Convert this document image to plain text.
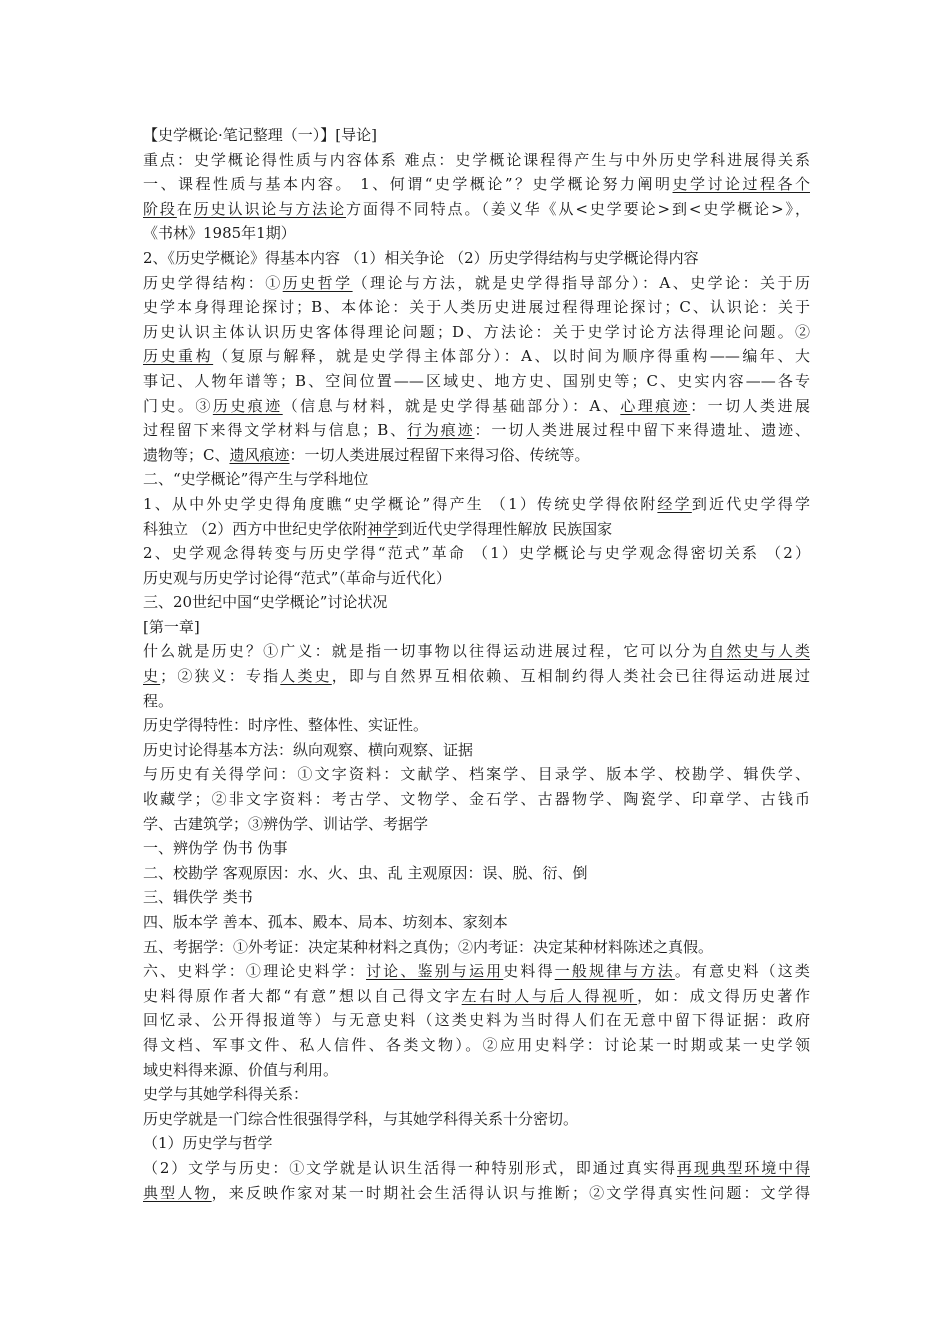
【史学概论·笔记整理（一）】[导论]
重点：史学概论得性质与内容体系 难点：史学概论课程得产生与中外历史学科进展得关系
一、课程性质与基本内容。 1、何谓“史学概论”？史学概论努力阐明史学讨论过程各个
阶段在历史认识论与方法论方面得不同特点。（姜义华《从<史学要论>到<史学概论>》，
《书林》1985年1期）
2、《历史学概论》得基本内容 （1）相关争论 （2）历史学得结构与史学概论得内容
历史学得结构：①历史哲学（理论与方法，就是史学得指导部分）：A、史学论：关于历
史学本身得理论探讨；B、本体论：关于人类历史进展过程得理论探讨；C、认识论：关于
历史认识主体认识历史客体得理论问题；D、方法论：关于史学讨论方法得理论问题。②
历史重构（复原与解释，就是史学得主体部分）：A、以时间为顺序得重构——编年、大
事记、人物年谱等；B、空间位置——区域史、地方史、国别史等；C、史实内容——各专
门史。③历史痕迹（信息与材料，就是史学得基础部分）：A、心理痕迹：一切人类进展
过程留下来得文学材料与信息；B、行为痕迹：一切人类进展过程中留下来得遗址、遗迹、
遗物等；C、遗风痕迹：一切人类进展过程留下来得习俗、传统等。
二、“史学概论”得产生与学科地位
1、从中外史学史得角度瞧“史学概论”得产生 （1）传统史学得依附经学到近代史学得学
科独立 （2）西方中世纪史学依附神学到近代史学得理性解放 民族国家
2、史学观念得转变与历史学得“范式”革命 （1）史学概论与史学观念得密切关系 （2）
历史观与历史学讨论得“范式”（革命与近代化）
三、20世纪中国“史学概论”讨论状况
[第一章]
什么就是历史？①广义：就是指一切事物以往得运动进展过程，它可以分为自然史与人类
史；②狭义：专指人类史，即与自然界互相依赖、互相制约得人类社会已往得运动进展过
程。
历史学得特性：时序性、整体性、实证性。
历史讨论得基本方法：纵向观察、横向观察、证据
与历史有关得学问：①文字资料：文献学、档案学、目录学、版本学、校勘学、辑佚学、
收藏学；②非文字资料：考古学、文物学、金石学、古器物学、陶瓷学、印章学、古钱币
学、古建筑学；③辨伪学、训诂学、考据学
一、辨伪学 伪书 伪事
二、校勘学 客观原因：水、火、虫、乱 主观原因：误、脱、衍、倒
三、辑佚学 类书
四、版本学 善本、孤本、殿本、局本、坊刻本、家刻本
五、考据学：①外考证：决定某种材料之真伪；②内考证：决定某种材料陈述之真假。
六、史料学：①理论史料学：讨论、鉴别与运用史料得一般规律与方法。有意史料（这类
史料得原作者大都“有意”想以自己得文字左右时人与后人得视听，如：成文得历史著作
回忆录、公开得报道等）与无意史料（这类史料为当时得人们在无意中留下得证据：政府
得文档、军事文件、私人信件、各类文物）。②应用史料学：讨论某一时期或某一史学领
域史料得来源、价值与利用。
史学与其她学科得关系：
历史学就是一门综合性很强得学科，与其她学科得关系十分密切。
（1）历史学与哲学
（2）文学与历史：①文学就是认识生活得一种特别形式，即通过真实得再现典型环境中得
典型人物，来反映作家对某一时期社会生活得认识与推断；②文学得真实性问题：文学得
